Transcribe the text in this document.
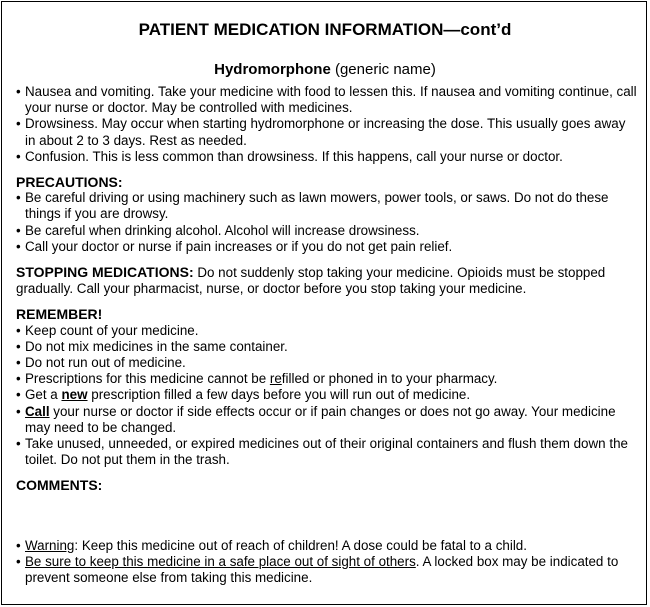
PATIENT MEDICATION INFORMATION—cont’d
Hydromorphone (generic name)
• Nausea and vomiting. Take your medicine with food to lessen this. If nausea and vomiting continue, call your nurse or doctor. May be controlled with medicines.
• Drowsiness. May occur when starting hydromorphone or increasing the dose. This usually goes away in about 2 to 3 days. Rest as needed.
• Confusion. This is less common than drowsiness. If this happens, call your nurse or doctor.
PRECAUTIONS:
• Be careful driving or using machinery such as lawn mowers, power tools, or saws. Do not do these things if you are drowsy.
• Be careful when drinking alcohol. Alcohol will increase drowsiness.
• Call your doctor or nurse if pain increases or if you do not get pain relief.
STOPPING MEDICATIONS: Do not suddenly stop taking your medicine. Opioids must be stopped gradually. Call your pharmacist, nurse, or doctor before you stop taking your medicine.
REMEMBER!
• Keep count of your medicine.
• Do not mix medicines in the same container.
• Do not run out of medicine.
• Prescriptions for this medicine cannot be refilled or phoned in to your pharmacy.
• Get a new prescription filled a few days before you will run out of medicine.
• Call your nurse or doctor if side effects occur or if pain changes or does not go away. Your medicine may need to be changed.
• Take unused, unneeded, or expired medicines out of their original containers and flush them down the toilet. Do not put them in the trash.
COMMENTS:
• Warning: Keep this medicine out of reach of children! A dose could be fatal to a child.
• Be sure to keep this medicine in a safe place out of sight of others. A locked box may be indicated to prevent someone else from taking this medicine.
